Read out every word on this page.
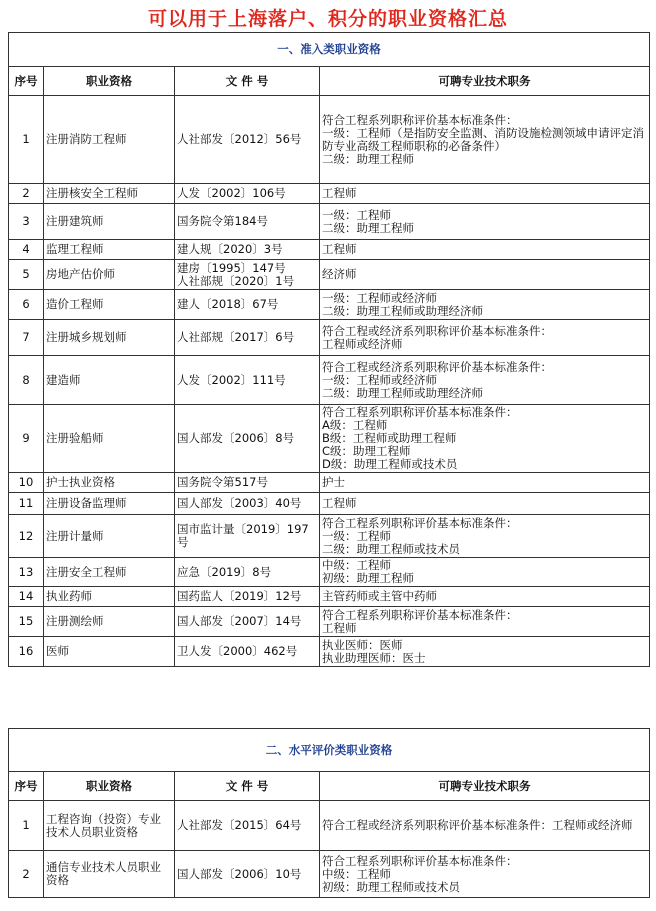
可以用于上海落户、积分的职业资格汇总
一、准入类职业资格			
序号	职业资格	文 件 号	可聘专业技术职务
1	注册消防工程师	人社部发〔2012〕56号	符合工程系列职称评价基本标准条件：
一级：工程师（是指防安全监测、消防设施检测领域申请评定消防专业高级工程师职称的必备条件）
二级：助理工程师

2	注册核安全工程师	人发〔2002〕106号	工程师

3	注册建筑师	国务院令第184号	一级：工程师
二级：助理工程师

4	监理工程师	建人规〔2020〕3号	工程师

5	房地产估价师	建房〔1995〕147号
人社部规〔2020〕1号	经济师

6	造价工程师	建人〔2018〕67号	一级：工程师或经济师
二级：助理工程师或助理经济师

7	注册城乡规划师	人社部规〔2017〕6号	符合工程或经济系列职称评价基本标准条件：
工程师或经济师

8	建造师	人发〔2002〕111号	符合工程或经济系列职称评价基本标准条件：
一级：工程师或经济师
二级：助理工程师或助理经济师

9	注册验船师	国人部发〔2006〕8号	符合工程系列职称评价基本标准条件：
A级：工程师
B级：工程师或助理工程师
C级：助理工程师
D级：助理工程师或技术员

10	护士执业资格	国务院令第517号	护士

11	注册设备监理师	国人部发〔2003〕40号	工程师

12	注册计量师	国市监计量〔2019〕197号	符合工程系列职称评价基本标准条件：
一级：工程师
二级：助理工程师或技术员

13	注册安全工程师	应急〔2019〕8号	中级：工程师
初级：助理工程师

14	执业药师	国药监人〔2019〕12号	主管药师或主管中药师

15	注册测绘师	国人部发〔2007〕14号	符合工程系列职称评价基本标准条件：
工程师

16	医师	卫人发〔2000〕462号	执业医师：医师
执业助理医师：医士
二、水平评价类职业资格			
序号	职业资格	文 件 号	可聘专业技术职务
1	工程咨询（投资）专业技术人员职业资格	人社部发〔2015〕64号	符合工程或经济系列职称评价基本标准条件：工程师或经济师

2	通信专业技术人员职业资格	国人部发〔2006〕10号	符合工程系列职称评价基本标准条件：
中级：工程师
初级：助理工程师或技术员
